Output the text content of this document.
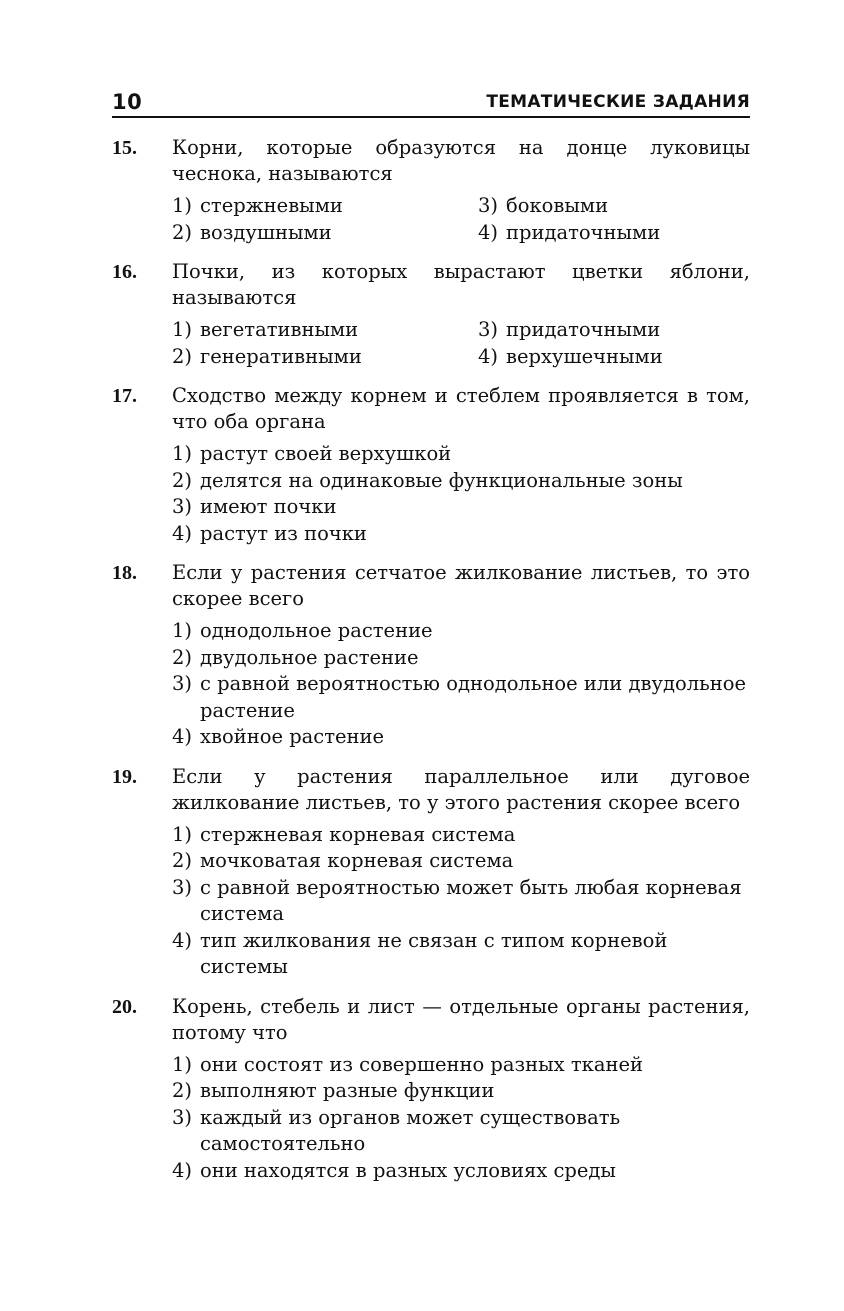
10	ТЕМАТИЧЕСКИЕ ЗАДАНИЯ
15.	Корни, которые образуются на донце луковицы чеснока, называются
1) стержневыми	3) боковыми
2) воздушными	4) придаточными
16.	Почки, из которых вырастают цветки яблони, называются
1) вегетативными	3) придаточными
2) генеративными	4) верхушечными
17.	Сходство между корнем и стеблем проявляется в том, что оба органа
1) растут своей верхушкой
2) делятся на одинаковые функциональные зоны
3) имеют почки
4) растут из почки
18.	Если у растения сетчатое жилкование листьев, то это скорее всего
1) однодольное растение
2) двудольное растение
3) с равной вероятностью однодольное или двудольное растение
4) хвойное растение
19.	Если у растения параллельное или дуговое жилкование листьев, то у этого растения скорее всего
1) стержневая корневая система
2) мочковатая корневая система
3) с равной вероятностью может быть любая корневая система
4) тип жилкования не связан с типом корневой системы
20.	Корень, стебель и лист — отдельные органы растения, потому что
1) они состоят из совершенно разных тканей
2) выполняют разные функции
3) каждый из органов может существовать самостоятельно
4) они находятся в разных условиях среды
